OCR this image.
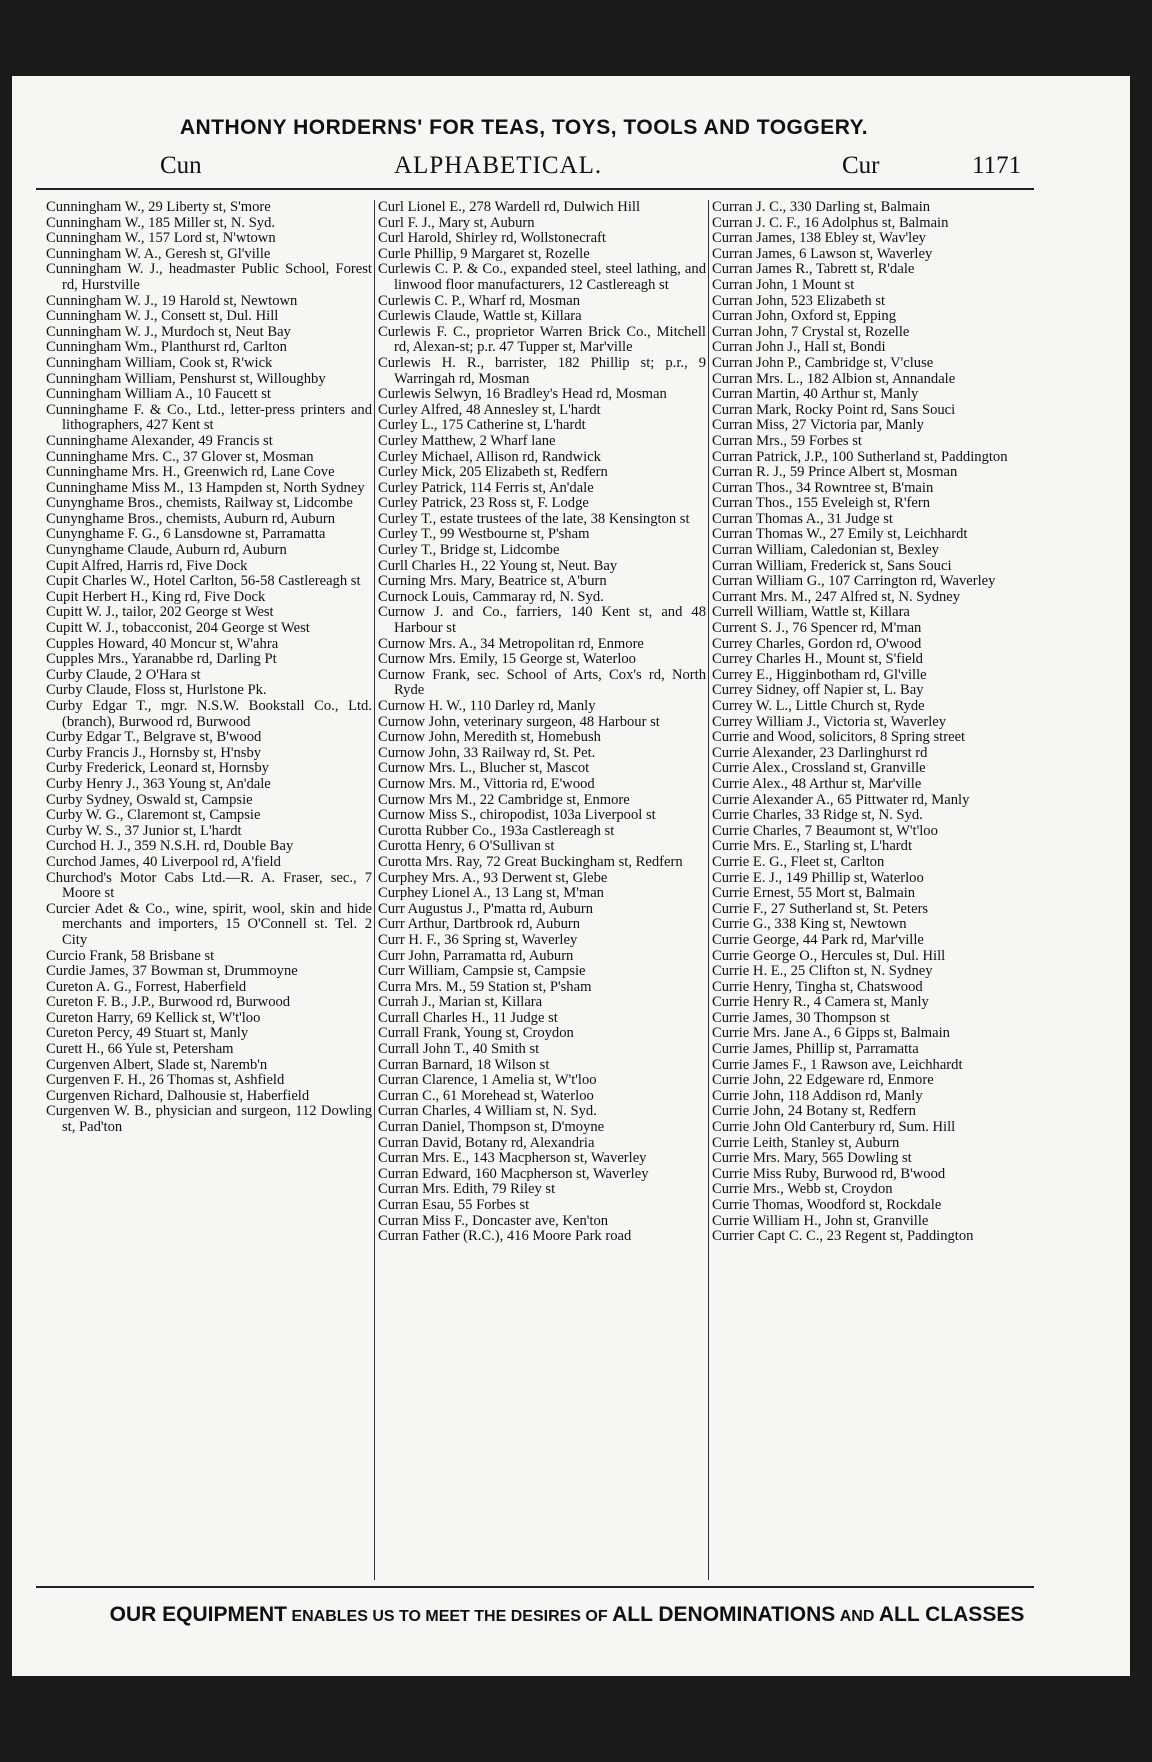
ANTHONY HORDERNS' FOR TEAS, TOYS, TOOLS AND TOGGERY.
Cun	ALPHABETICAL.	Cur	1171

Cunningham W., 29 Liberty st, S'more

Cunningham W., 185 Miller st, N. Syd.

Cunningham W., 157 Lord st, N'wtown

Cunningham W. A., Geresh st, Gl'ville

Cunningham W. J., headmaster Public School, Forest rd, Hurstville

Cunningham W. J., 19 Harold st, Newtown

Cunningham W. J., Consett st, Dul. Hill

Cunningham W. J., Murdoch st, Neut Bay

Cunningham Wm., Planthurst rd, Carlton

Cunningham William, Cook st, R'wick

Cunningham William, Penshurst st, Willoughby

Cunningham William A., 10 Faucett st

Cunninghame F. & Co., Ltd., letter-press printers and lithographers, 427 Kent st

Cunninghame Alexander, 49 Francis st

Cunninghame Mrs. C., 37 Glover st, Mosman

Cunninghame Mrs. H., Greenwich rd, Lane Cove

Cunninghame Miss M., 13 Hampden st, North Sydney

Cunynghame Bros., chemists, Railway st, Lidcombe

Cunynghame Bros., chemists, Auburn rd, Auburn

Cunynghame F. G., 6 Lansdowne st, Parramatta

Cunynghame Claude, Auburn rd, Auburn

Cupit Alfred, Harris rd, Five Dock

Cupit Charles W., Hotel Carlton, 56-58 Castlereagh st

Cupit Herbert H., King rd, Five Dock

Cupitt W. J., tailor, 202 George st West

Cupitt W. J., tobacconist, 204 George st West

Cupples Howard, 40 Moncur st, W'ahra

Cupples Mrs., Yaranabbe rd, Darling Pt

Curby Claude, 2 O'Hara st

Curby Claude, Floss st, Hurlstone Pk.

Curby Edgar T., mgr. N.S.W. Bookstall Co., Ltd. (branch), Burwood rd, Burwood

Curby Edgar T., Belgrave st, B'wood

Curby Francis J., Hornsby st, H'nsby

Curby Frederick, Leonard st, Hornsby

Curby Henry J., 363 Young st, An'dale

Curby Sydney, Oswald st, Campsie

Curby W. G., Claremont st, Campsie

Curby W. S., 37 Junior st, L'hardt

Curchod H. J., 359 N.S.H. rd, Double Bay

Curchod James, 40 Liverpool rd, A'field

Churchod's Motor Cabs Ltd.—R. A. Fraser, sec., 7 Moore st

Curcier Adet & Co., wine, spirit, wool, skin and hide merchants and importers, 15 O'Connell st. Tel. 2 City

Curcio Frank, 58 Brisbane st

Curdie James, 37 Bowman st, Drummoyne

Cureton A. G., Forrest, Haberfield

Cureton F. B., J.P., Burwood rd, Burwood

Cureton Harry, 69 Kellick st, W't'loo

Cureton Percy, 49 Stuart st, Manly

Curett H., 66 Yule st, Petersham

Curgenven Albert, Slade st, Naremb'n

Curgenven F. H., 26 Thomas st, Ashfield

Curgenven Richard, Dalhousie st, Haberfield

Curgenven W. B., physician and surgeon, 112 Dowling st, Pad'ton

Curl Lionel E., 278 Wardell rd, Dulwich Hill

Curl F. J., Mary st, Auburn

Curl Harold, Shirley rd, Wollstonecraft

Curle Phillip, 9 Margaret st, Rozelle

Curlewis C. P. & Co., expanded steel, steel lathing, and linwood floor manufacturers, 12 Castlereagh st

Curlewis C. P., Wharf rd, Mosman

Curlewis Claude, Wattle st, Killara

Curlewis F. C., proprietor Warren Brick Co., Mitchell rd, Alexan-st; p.r. 47 Tupper st, Mar'ville

Curlewis H. R., barrister, 182 Phillip st; p.r., 9 Warringah rd, Mosman

Curlewis Selwyn, 16 Bradley's Head rd, Mosman

Curley Alfred, 48 Annesley st, L'hardt

Curley L., 175 Catherine st, L'hardt

Curley Matthew, 2 Wharf lane

Curley Michael, Allison rd, Randwick

Curley Mick, 205 Elizabeth st, Redfern

Curley Patrick, 114 Ferris st, An'dale

Curley Patrick, 23 Ross st, F. Lodge

Curley T., estate trustees of the late, 38 Kensington st

Curley T., 99 Westbourne st, P'sham

Curley T., Bridge st, Lidcombe

Curll Charles H., 22 Young st, Neut. Bay

Curning Mrs. Mary, Beatrice st, A'burn

Curnock Louis, Cammaray rd, N. Syd.

Curnow J. and Co., farriers, 140 Kent st, and 48 Harbour st

Curnow Mrs. A., 34 Metropolitan rd, Enmore

Curnow Mrs. Emily, 15 George st, Waterloo

Curnow Frank, sec. School of Arts, Cox's rd, North Ryde

Curnow H. W., 110 Darley rd, Manly

Curnow John, veterinary surgeon, 48 Harbour st

Curnow John, Meredith st, Homebush

Curnow John, 33 Railway rd, St. Pet.

Curnow Mrs. L., Blucher st, Mascot

Curnow Mrs. M., Vittoria rd, E'wood

Curnow Mrs M., 22 Cambridge st, Enmore

Curnow Miss S., chiropodist, 103a Liverpool st

Curotta Rubber Co., 193a Castlereagh st

Curotta Henry, 6 O'Sullivan st

Curotta Mrs. Ray, 72 Great Buckingham st, Redfern

Curphey Mrs. A., 93 Derwent st, Glebe

Curphey Lionel A., 13 Lang st, M'man

Curr Augustus J., P'matta rd, Auburn

Curr Arthur, Dartbrook rd, Auburn

Curr H. F., 36 Spring st, Waverley

Curr John, Parramatta rd, Auburn

Curr William, Campsie st, Campsie

Curra Mrs. M., 59 Station st, P'sham

Currah J., Marian st, Killara

Currall Charles H., 11 Judge st

Currall Frank, Young st, Croydon

Currall John T., 40 Smith st

Curran Barnard, 18 Wilson st

Curran Clarence, 1 Amelia st, W't'loo

Curran C., 61 Morehead st, Waterloo

Curran Charles, 4 William st, N. Syd.

Curran Daniel, Thompson st, D'moyne

Curran David, Botany rd, Alexandria

Curran Mrs. E., 143 Macpherson st, Waverley

Curran Edward, 160 Macpherson st, Waverley

Curran Mrs. Edith, 79 Riley st

Curran Esau, 55 Forbes st

Curran Miss F., Doncaster ave, Ken'ton

Curran Father (R.C.), 416 Moore Park road

Curran J. C., 330 Darling st, Balmain

Curran J. C. F., 16 Adolphus st, Balmain

Curran James, 138 Ebley st, Wav'ley

Curran James, 6 Lawson st, Waverley

Curran James R., Tabrett st, R'dale

Curran John, 1 Mount st

Curran John, 523 Elizabeth st

Curran John, Oxford st, Epping

Curran John, 7 Crystal st, Rozelle

Curran John J., Hall st, Bondi

Curran John P., Cambridge st, V'cluse

Curran Mrs. L., 182 Albion st, Annandale

Curran Martin, 40 Arthur st, Manly

Curran Mark, Rocky Point rd, Sans Souci

Curran Miss, 27 Victoria par, Manly

Curran Mrs., 59 Forbes st

Curran Patrick, J.P., 100 Sutherland st, Paddington

Curran R. J., 59 Prince Albert st, Mosman

Curran Thos., 34 Rowntree st, B'main

Curran Thos., 155 Eveleigh st, R'fern

Curran Thomas A., 31 Judge st

Curran Thomas W., 27 Emily st, Leichhardt

Curran William, Caledonian st, Bexley

Curran William, Frederick st, Sans Souci

Curran William G., 107 Carrington rd, Waverley

Currant Mrs. M., 247 Alfred st, N. Sydney

Currell William, Wattle st, Killara

Current S. J., 76 Spencer rd, M'man

Currey Charles, Gordon rd, O'wood

Currey Charles H., Mount st, S'field

Currey E., Higginbotham rd, Gl'ville

Currey Sidney, off Napier st, L. Bay

Currey W. L., Little Church st, Ryde

Currey William J., Victoria st, Waverley

Currie and Wood, solicitors, 8 Spring street

Currie Alexander, 23 Darlinghurst rd

Currie Alex., Crossland st, Granville

Currie Alex., 48 Arthur st, Mar'ville

Currie Alexander A., 65 Pittwater rd, Manly

Currie Charles, 33 Ridge st, N. Syd.

Currie Charles, 7 Beaumont st, W't'loo

Currie Mrs. E., Starling st, L'hardt

Currie E. G., Fleet st, Carlton

Currie E. J., 149 Phillip st, Waterloo

Currie Ernest, 55 Mort st, Balmain

Currie F., 27 Sutherland st, St. Peters

Currie G., 338 King st, Newtown

Currie George, 44 Park rd, Mar'ville

Currie George O., Hercules st, Dul. Hill

Currie H. E., 25 Clifton st, N. Sydney

Currie Henry, Tingha st, Chatswood

Currie Henry R., 4 Camera st, Manly

Currie James, 30 Thompson st

Currie Mrs. Jane A., 6 Gipps st, Balmain

Currie James, Phillip st, Parramatta

Currie James F., 1 Rawson ave, Leichhardt

Currie John, 22 Edgeware rd, Enmore

Currie John, 118 Addison rd, Manly

Currie John, 24 Botany st, Redfern

Currie John Old Canterbury rd, Sum. Hill

Currie Leith, Stanley st, Auburn

Currie Mrs. Mary, 565 Dowling st

Currie Miss Ruby, Burwood rd, B'wood

Currie Mrs., Webb st, Croydon

Currie Thomas, Woodford st, Rockdale

Currie William H., John st, Granville

Currier Capt C. C., 23 Regent st, Paddington

OUR EQUIPMENT ENABLES US TO MEET THE DESIRES OF ALL DENOMINATIONS AND ALL CLASSES
